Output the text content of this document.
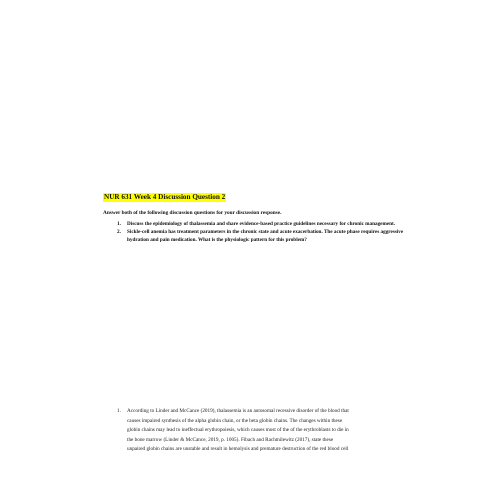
NUR 631 Week 4 Discussion Question 2
Answer both of the following discussion questions for your discussion response.
1.	Discuss the epidemiology of thalassemia and share evidence-based practice guidelines necessary for chronic management.
2.	Sickle-cell anemia has treatment parameters in the chronic state and acute exacerbation. The acute phase requires aggressive hydration and pain medication. What is the physiologic pattern for this problem?
1.	According to Linder and McCance (2019), thalassemia is an autosomal recessive disorder of the blood that
causes impaired synthesis of the alpha globin chain, or the beta globin chains. The changes within these
globin chains may lead to ineffectual erythropoiesis, which causes most of the of the erythroblasts to die in
the bone marrow (Linder & McCance, 2019, p. 1005). Fibach and Rachmilewitz (2017), state these
unpaired globin chains are unstable and result in hemolysis and premature destruction of the red blood cell
